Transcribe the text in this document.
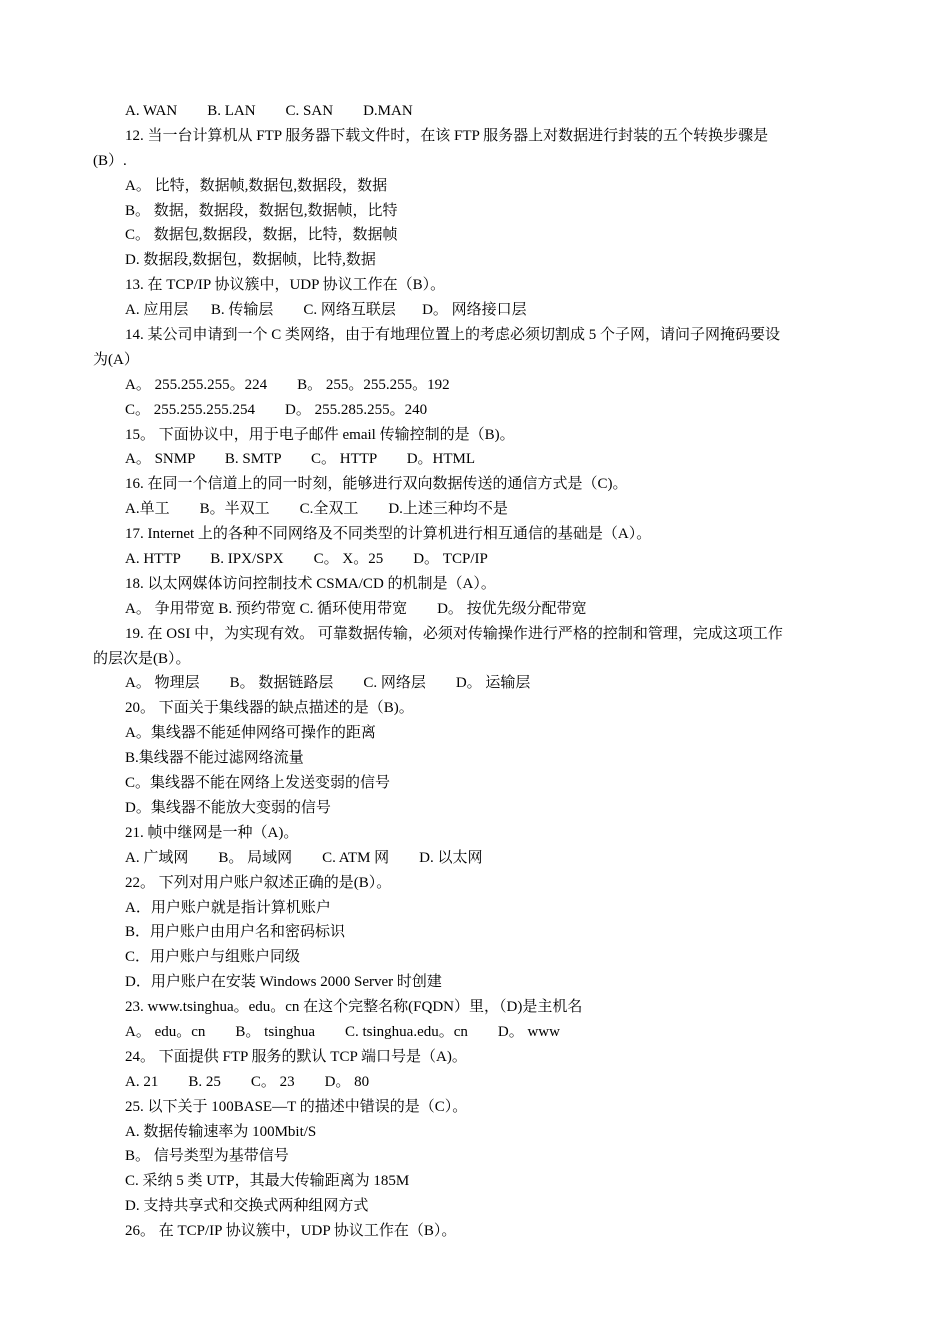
A. WAN        B. LAN        C. SAN        D.MAN
12. 当一台计算机从 FTP 服务器下载文件时，在该 FTP 服务器上对数据进行封装的五个转换步骤是
(B）.
A。 比特，数据帧,数据包,数据段，数据
B。 数据，数据段，数据包,数据帧，比特
C。 数据包,数据段，数据，比特，数据帧
D. 数据段,数据包，数据帧，比特,数据
13. 在 TCP/IP 协议簇中，UDP 协议工作在（B）。
A. 应用层      B. 传输层        C. 网络互联层       D。 网络接口层
14. 某公司申请到一个 C 类网络，由于有地理位置上的考虑必须切割成 5 个子网，请问子网掩码要设
为(A）
A。 255.255.255。224        B。 255。255.255。192
C。 255.255.255.254        D。 255.285.255。240
15。 下面协议中，用于电子邮件 email 传输控制的是（B)。
A。 SNMP        B. SMTP        C。 HTTP        D。HTML
16. 在同一个信道上的同一时刻，能够进行双向数据传送的通信方式是（C)。
A.单工        B。半双工        C.全双工        D.上述三种均不是
17. Internet 上的各种不同网络及不同类型的计算机进行相互通信的基础是（A）。
A. HTTP        B. IPX/SPX        C。 X。25        D。 TCP/IP
18. 以太网媒体访问控制技术 CSMA/CD 的机制是（A）。
A。 争用带宽 B. 预约带宽 C. 循环使用带宽        D。 按优先级分配带宽
19. 在 OSI 中，为实现有效。 可靠数据传输，必须对传输操作进行严格的控制和管理，完成这项工作
的层次是(B）。
A。 物理层        B。 数据链路层        C. 网络层        D。 运输层
20。 下面关于集线器的缺点描述的是（B)。
A。集线器不能延伸网络可操作的距离
B.集线器不能过滤网络流量
C。集线器不能在网络上发送变弱的信号
D。集线器不能放大变弱的信号
21. 帧中继网是一种（A)。
A. 广域网        B。 局域网        C. ATM 网        D. 以太网
22。 下列对用户账户叙述正确的是(B）。
A．用户账户就是指计算机账户
B．用户账户由用户名和密码标识
C．用户账户与组账户同级
D．用户账户在安装 Windows 2000 Server 时创建
23. www.tsinghua。edu。cn 在这个完整名称(FQDN）里，（D)是主机名
A。 edu。cn        B。 tsinghua        C. tsinghua.edu。cn        D。 www
24。 下面提供 FTP 服务的默认 TCP 端口号是（A)。
A. 21        B. 25        C。 23        D。 80
25. 以下关于 100BASE—T 的描述中错误的是（C）。
A. 数据传输速率为 100Mbit/S
B。 信号类型为基带信号
C. 采纳 5 类 UTP，其最大传输距离为 185M
D. 支持共享式和交换式两种组网方式
26。 在 TCP/IP 协议簇中，UDP 协议工作在（B）。
